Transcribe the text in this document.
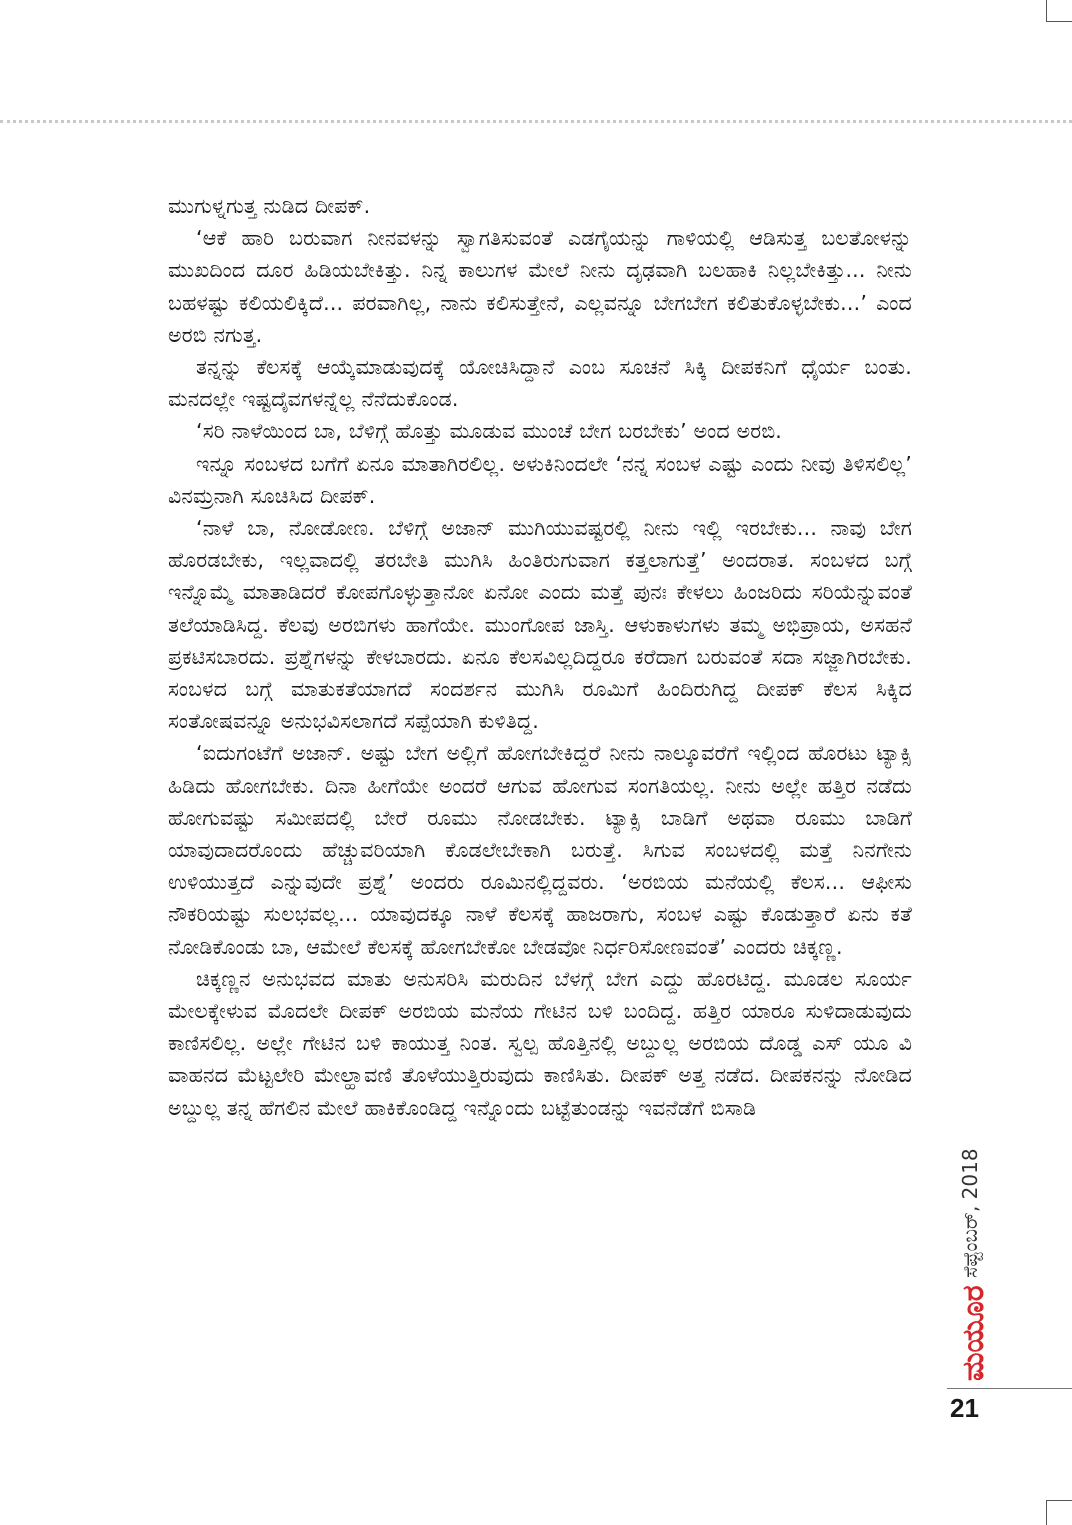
ಮುಗುಳ್ನಗುತ್ತ ನುಡಿದ ದೀಪಕ್.

‘ಆಕೆ ಹಾರಿ ಬರುವಾಗ ನೀನವಳನ್ನು ಸ್ವಾಗತಿಸುವಂತೆ ಎಡಗೈಯನ್ನು ಗಾಳಿಯಲ್ಲಿ ಆಡಿಸುತ್ತ ಬಲತೋಳನ್ನು ಮುಖದಿಂದ ದೂರ ಹಿಡಿಯಬೇಕಿತ್ತು. ನಿನ್ನ ಕಾಲುಗಳ ಮೇಲೆ ನೀನು ದೃಢವಾಗಿ ಬಲಹಾಕಿ ನಿಲ್ಲಬೇಕಿತ್ತು... ನೀನು ಬಹಳಷ್ಟು ಕಲಿಯಲಿಕ್ಕಿದೆ... ಪರವಾಗಿಲ್ಲ, ನಾನು ಕಲಿಸುತ್ತೇನೆ, ಎಲ್ಲವನ್ನೂ ಬೇಗಬೇಗ ಕಲಿತುಕೊಳ್ಳಬೇಕು...’ ಎಂದ ಅರಬಿ ನಗುತ್ತ.

ತನ್ನನ್ನು ಕೆಲಸಕ್ಕೆ ಆಯ್ಕೆಮಾಡುವುದಕ್ಕೆ ಯೋಚಿಸಿದ್ದಾನೆ ಎಂಬ ಸೂಚನೆ ಸಿಕ್ಕಿ ದೀಪಕನಿಗೆ ಧೈರ್ಯ ಬಂತು. ಮನದಲ್ಲೇ ಇಷ್ಟದೈವಗಳನ್ನೆಲ್ಲ ನೆನೆದುಕೊಂಡ.

‘ಸರಿ ನಾಳೆಯಿಂದ ಬಾ, ಬೆಳಿಗ್ಗೆ ಹೊತ್ತು ಮೂಡುವ ಮುಂಚೆ ಬೇಗ ಬರಬೇಕು’ ಅಂದ ಅರಬಿ.

ಇನ್ನೂ ಸಂಬಳದ ಬಗೆಗೆ ಏನೂ ಮಾತಾಗಿರಲಿಲ್ಲ. ಅಳುಕಿನಿಂದಲೇ ‘ನನ್ನ ಸಂಬಳ ಎಷ್ಟು ಎಂದು ನೀವು ತಿಳಿಸಲಿಲ್ಲ’ ವಿನಮ್ರನಾಗಿ ಸೂಚಿಸಿದ ದೀಪಕ್.

‘ನಾಳೆ ಬಾ, ನೋಡೋಣ. ಬೆಳಿಗ್ಗೆ ಅಜಾನ್ ಮುಗಿಯುವಷ್ಟರಲ್ಲಿ ನೀನು ಇಲ್ಲಿ ಇರಬೇಕು... ನಾವು ಬೇಗ ಹೊರಡಬೇಕು, ಇಲ್ಲವಾದಲ್ಲಿ ತರಬೇತಿ ಮುಗಿಸಿ ಹಿಂತಿರುಗುವಾಗ ಕತ್ತಲಾಗುತ್ತೆ’ ಅಂದರಾತ. ಸಂಬಳದ ಬಗ್ಗೆ ಇನ್ನೊಮ್ಮೆ ಮಾತಾಡಿದರೆ ಕೋಪಗೊಳ್ಳುತ್ತಾನೋ ಏನೋ ಎಂದು ಮತ್ತೆ ಪುನಃ ಕೇಳಲು ಹಿಂಜರಿದು ಸರಿಯೆನ್ನುವಂತೆ ತಲೆಯಾಡಿಸಿದ್ದ. ಕೆಲವು ಅರಬಿಗಳು ಹಾಗೆಯೇ. ಮುಂಗೋಪ ಜಾಸ್ತಿ. ಆಳುಕಾಳುಗಳು ತಮ್ಮ ಅಭಿಪ್ರಾಯ, ಅಸಹನೆ ಪ್ರಕಟಿಸಬಾರದು. ಪ್ರಶ್ನೆಗಳನ್ನು ಕೇಳಬಾರದು. ಏನೂ ಕೆಲಸವಿಲ್ಲದಿದ್ದರೂ ಕರೆದಾಗ ಬರುವಂತೆ ಸದಾ ಸಜ್ಜಾಗಿರಬೇಕು. ಸಂಬಳದ ಬಗ್ಗೆ ಮಾತುಕತೆಯಾಗದೆ ಸಂದರ್ಶನ ಮುಗಿಸಿ ರೂಮಿಗೆ ಹಿಂದಿರುಗಿದ್ದ ದೀಪಕ್ ಕೆಲಸ ಸಿಕ್ಕಿದ ಸಂತೋಷವನ್ನೂ ಅನುಭವಿಸಲಾಗದೆ ಸಪ್ಪೆಯಾಗಿ ಕುಳಿತಿದ್ದ.

‘ಐದುಗಂಟೆಗೆ ಅಜಾನ್. ಅಷ್ಟು ಬೇಗ ಅಲ್ಲಿಗೆ ಹೋಗಬೇಕಿದ್ದರೆ ನೀನು ನಾಲ್ಕೂವರೆಗೆ ಇಲ್ಲಿಂದ ಹೊರಟು ಟ್ಯಾಕ್ಸಿ ಹಿಡಿದು ಹೋಗಬೇಕು. ದಿನಾ ಹೀಗೆಯೇ ಅಂದರೆ ಆಗುವ ಹೋಗುವ ಸಂಗತಿಯಲ್ಲ. ನೀನು ಅಲ್ಲೇ ಹತ್ತಿರ ನಡೆದು ಹೋಗುವಷ್ಟು ಸಮೀಪದಲ್ಲಿ ಬೇರೆ ರೂಮು ನೋಡಬೇಕು. ಟ್ಯಾಕ್ಸಿ ಬಾಡಿಗೆ ಅಥವಾ ರೂಮು ಬಾಡಿಗೆ ಯಾವುದಾದರೊಂದು ಹೆಚ್ಚುವರಿಯಾಗಿ ಕೊಡಲೇಬೇಕಾಗಿ ಬರುತ್ತೆ. ಸಿಗುವ ಸಂಬಳದಲ್ಲಿ ಮತ್ತೆ ನಿನಗೇನು ಉಳಿಯುತ್ತದೆ ಎನ್ನುವುದೇ ಪ್ರಶ್ನೆ’ ಅಂದರು ರೂಮಿನಲ್ಲಿದ್ದವರು. ‘ಅರಬಿಯ ಮನೆಯಲ್ಲಿ ಕೆಲಸ... ಆಫೀಸು ನೌಕರಿಯಷ್ಟು ಸುಲಭವಲ್ಲ... ಯಾವುದಕ್ಕೂ ನಾಳೆ ಕೆಲಸಕ್ಕೆ ಹಾಜರಾಗು, ಸಂಬಳ ಎಷ್ಟು ಕೊಡುತ್ತಾರೆ ಏನು ಕತೆ ನೋಡಿಕೊಂಡು ಬಾ, ಆಮೇಲೆ ಕೆಲಸಕ್ಕೆ ಹೋಗಬೇಕೋ ಬೇಡವೋ ನಿರ್ಧರಿಸೋಣವಂತೆ’ ಎಂದರು ಚಿಕ್ಕಣ್ಣ.

ಚಿಕ್ಕಣ್ಣನ ಅನುಭವದ ಮಾತು ಅನುಸರಿಸಿ ಮರುದಿನ ಬೆಳಗ್ಗೆ ಬೇಗ ಎದ್ದು ಹೊರಟಿದ್ದ. ಮೂಡಲ ಸೂರ್ಯ ಮೇಲಕ್ಕೇಳುವ ಮೊದಲೇ ದೀಪಕ್ ಅರಬಿಯ ಮನೆಯ ಗೇಟಿನ ಬಳಿ ಬಂದಿದ್ದ. ಹತ್ತಿರ ಯಾರೂ ಸುಳಿದಾಡುವುದು ಕಾಣಿಸಲಿಲ್ಲ. ಅಲ್ಲೇ ಗೇಟಿನ ಬಳಿ ಕಾಯುತ್ತ ನಿಂತ. ಸ್ವಲ್ಪ ಹೊತ್ತಿನಲ್ಲಿ ಅಬ್ದುಲ್ಲ ಅರಬಿಯ ದೊಡ್ಡ ಎಸ್ ಯೂ ವಿ ವಾಹನದ ಮೆಟ್ಟಲೇರಿ ಮೇಲ್ಹಾವಣಿ ತೊಳೆಯುತ್ತಿರುವುದು ಕಾಣಿಸಿತು. ದೀಪಕ್ ಅತ್ತ ನಡೆದ. ದೀಪಕನನ್ನು ನೋಡಿದ ಅಬ್ದುಲ್ಲ ತನ್ನ ಹೆಗಲಿನ ಮೇಲೆ ಹಾಕಿಕೊಂಡಿದ್ದ ಇನ್ನೊಂದು ಬಟ್ಟೆತುಂಡನ್ನು ಇವನೆಡೆಗೆ ಬಿಸಾಡಿ

ಸೆಪ್ಟೆಂಬರ್, 2018
ಮಯೂರ
21
